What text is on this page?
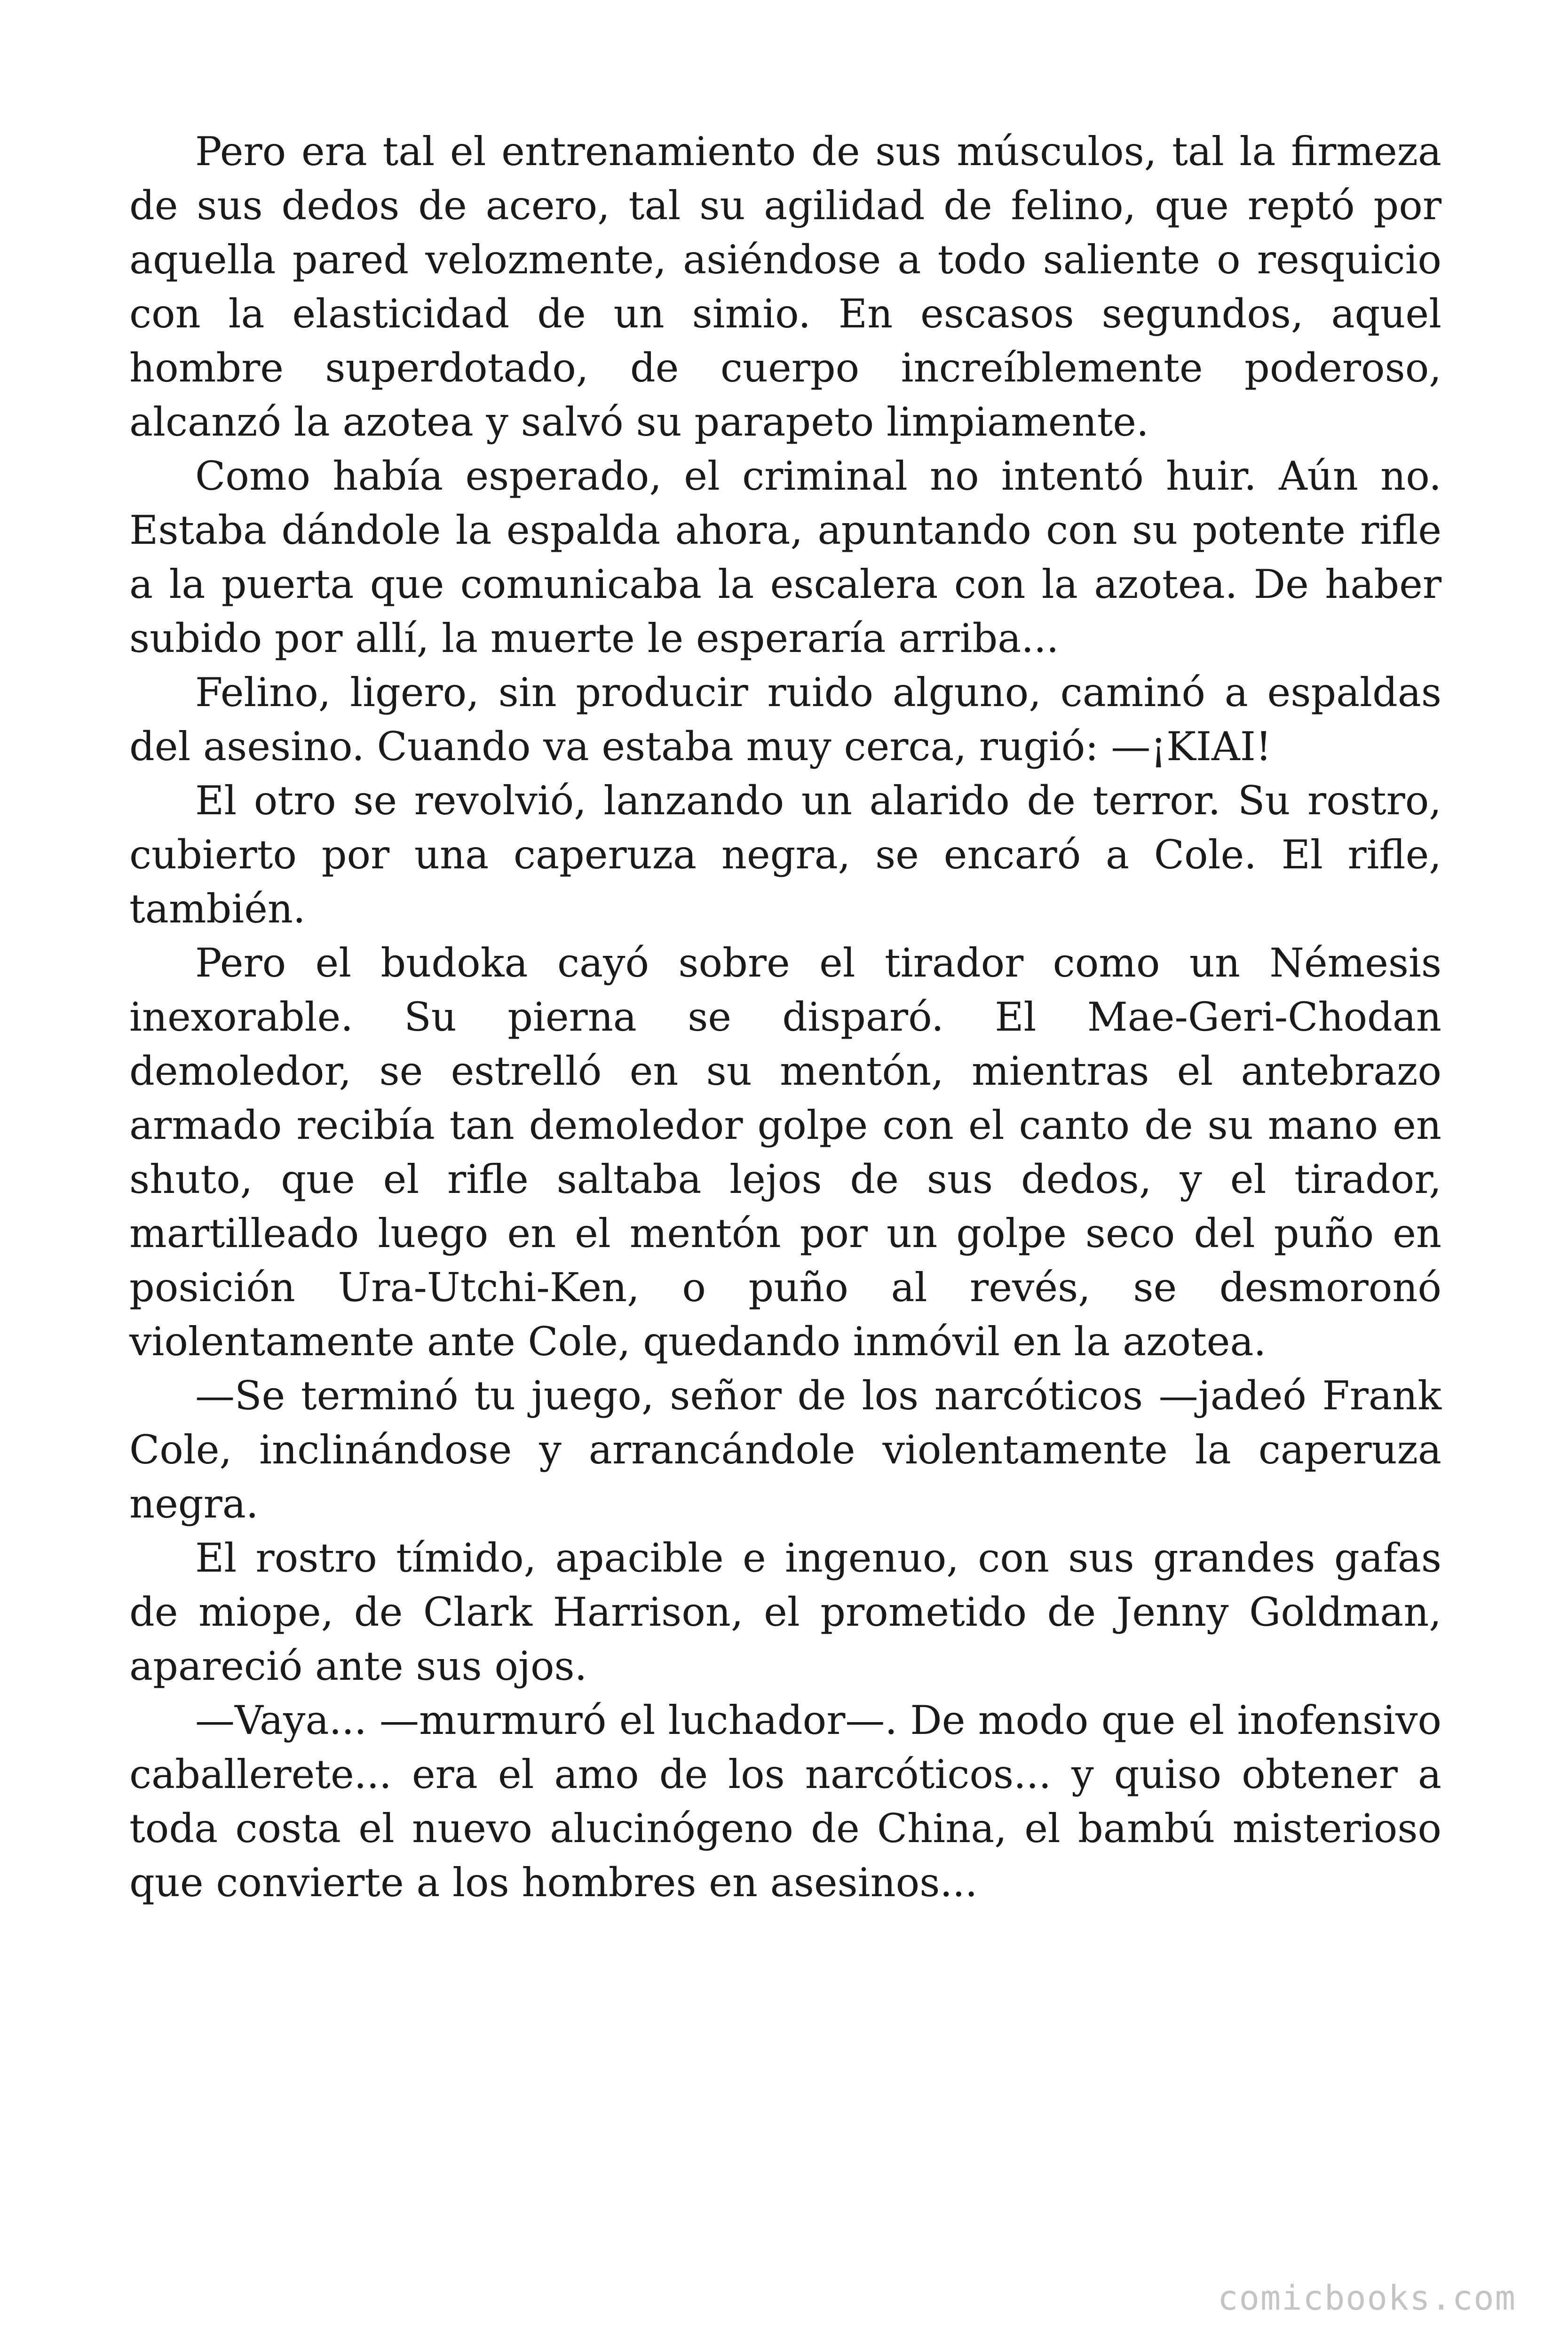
Pero era tal el entrenamiento de sus músculos, tal la firmeza de sus dedos de acero, tal su agilidad de felino, que reptó por aquella pared velozmente, asiéndose a todo saliente o resquicio con la elasticidad de un simio. En escasos segundos, aquel hombre superdotado, de cuerpo increíblemente poderoso, alcanzó la azotea y salvó su parapeto limpiamente.

Como había esperado, el criminal no intentó huir. Aún no. Estaba dándole la espalda ahora, apuntando con su potente rifle a la puerta que comunicaba la escalera con la azotea. De haber subido por allí, la muerte le esperaría arriba...

Felino, ligero, sin producir ruido alguno, caminó a espaldas del asesino. Cuando va estaba muy cerca, rugió: —¡KIAI!

El otro se revolvió, lanzando un alarido de terror. Su rostro, cubierto por una caperuza negra, se encaró a Cole. El rifle, también.

Pero el budoka cayó sobre el tirador como un Némesis inexorable. Su pierna se disparó. El Mae-Geri-Chodan demoledor, se estrelló en su mentón, mientras el antebrazo armado recibía tan demoledor golpe con el canto de su mano en shuto, que el rifle saltaba lejos de sus dedos, y el tirador, martilleado luego en el mentón por un golpe seco del puño en posición Ura-Utchi-Ken, o puño al revés, se desmoronó violentamente ante Cole, quedando inmóvil en la azotea.

—Se terminó tu juego, señor de los narcóticos —jadeó Frank Cole, inclinándose y arrancándole violentamente la caperuza negra.

El rostro tímido, apacible e ingenuo, con sus grandes gafas de miope, de Clark Harrison, el prometido de Jenny Goldman, apareció ante sus ojos.

—Vaya... —murmuró el luchador—. De modo que el inofensivo caballerete... era el amo de los narcóticos... y quiso obtener a toda costa el nuevo alucinógeno de China, el bambú misterioso que convierte a los hombres en asesinos...

comicbooks.com
